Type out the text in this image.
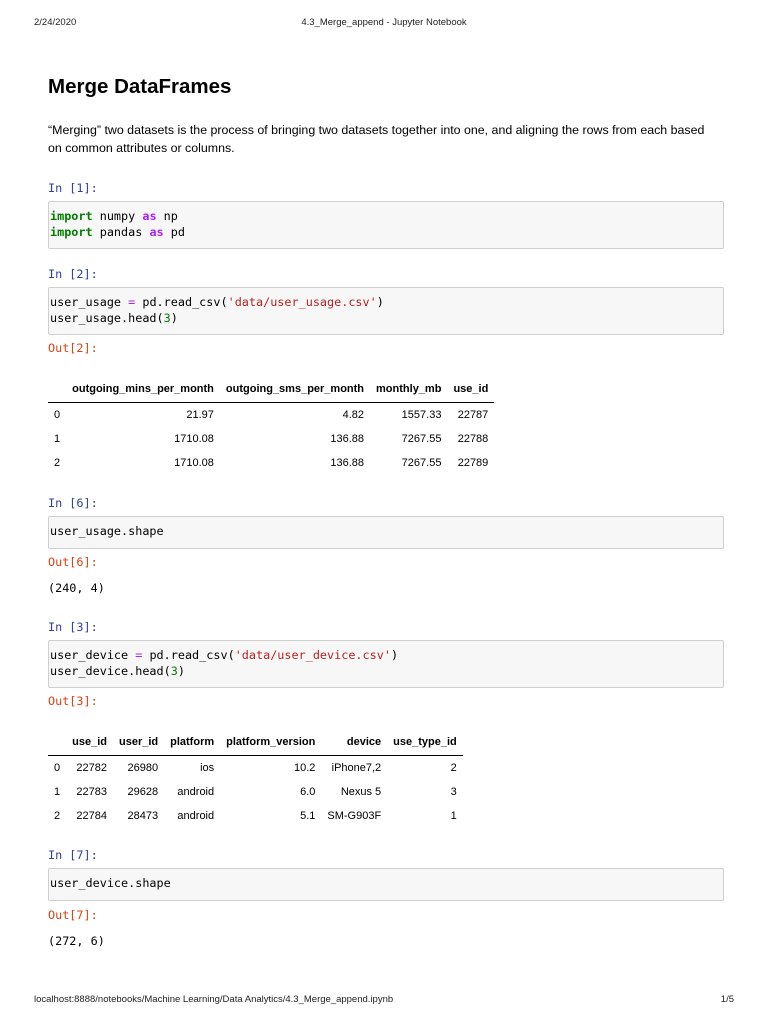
2/24/2020	4.3_Merge_append - Jupyter Notebook
Merge DataFrames

“Merging” two datasets is the process of bringing two datasets together into one, and aligning the rows from each based on common attributes or columns.

In [1]:
import numpy as np
import pandas as pd
In [2]:
user_usage = pd.read_csv('data/user_usage.csv')
user_usage.head(3)
Out[2]:
	outgoing_mins_per_month	outgoing_sms_per_month	monthly_mb	use_id
0	21.97	4.82	1557.33	22787
1	1710.08	136.88	7267.55	22788
2	1710.08	136.88	7267.55	22789
In [6]:
user_usage.shape
Out[6]:
(240, 4)
In [3]:
user_device = pd.read_csv('data/user_device.csv')
user_device.head(3)
Out[3]:
	use_id	user_id	platform	platform_version	device	use_type_id
0	22782	26980	ios	10.2	iPhone7,2	2
1	22783	29628	android	6.0	Nexus 5	3
2	22784	28473	android	5.1	SM-G903F	1
In [7]:
user_device.shape
Out[7]:
(272, 6)
localhost:8888/notebooks/Machine Learning/Data Analytics/4.3_Merge_append.ipynb	1/5
